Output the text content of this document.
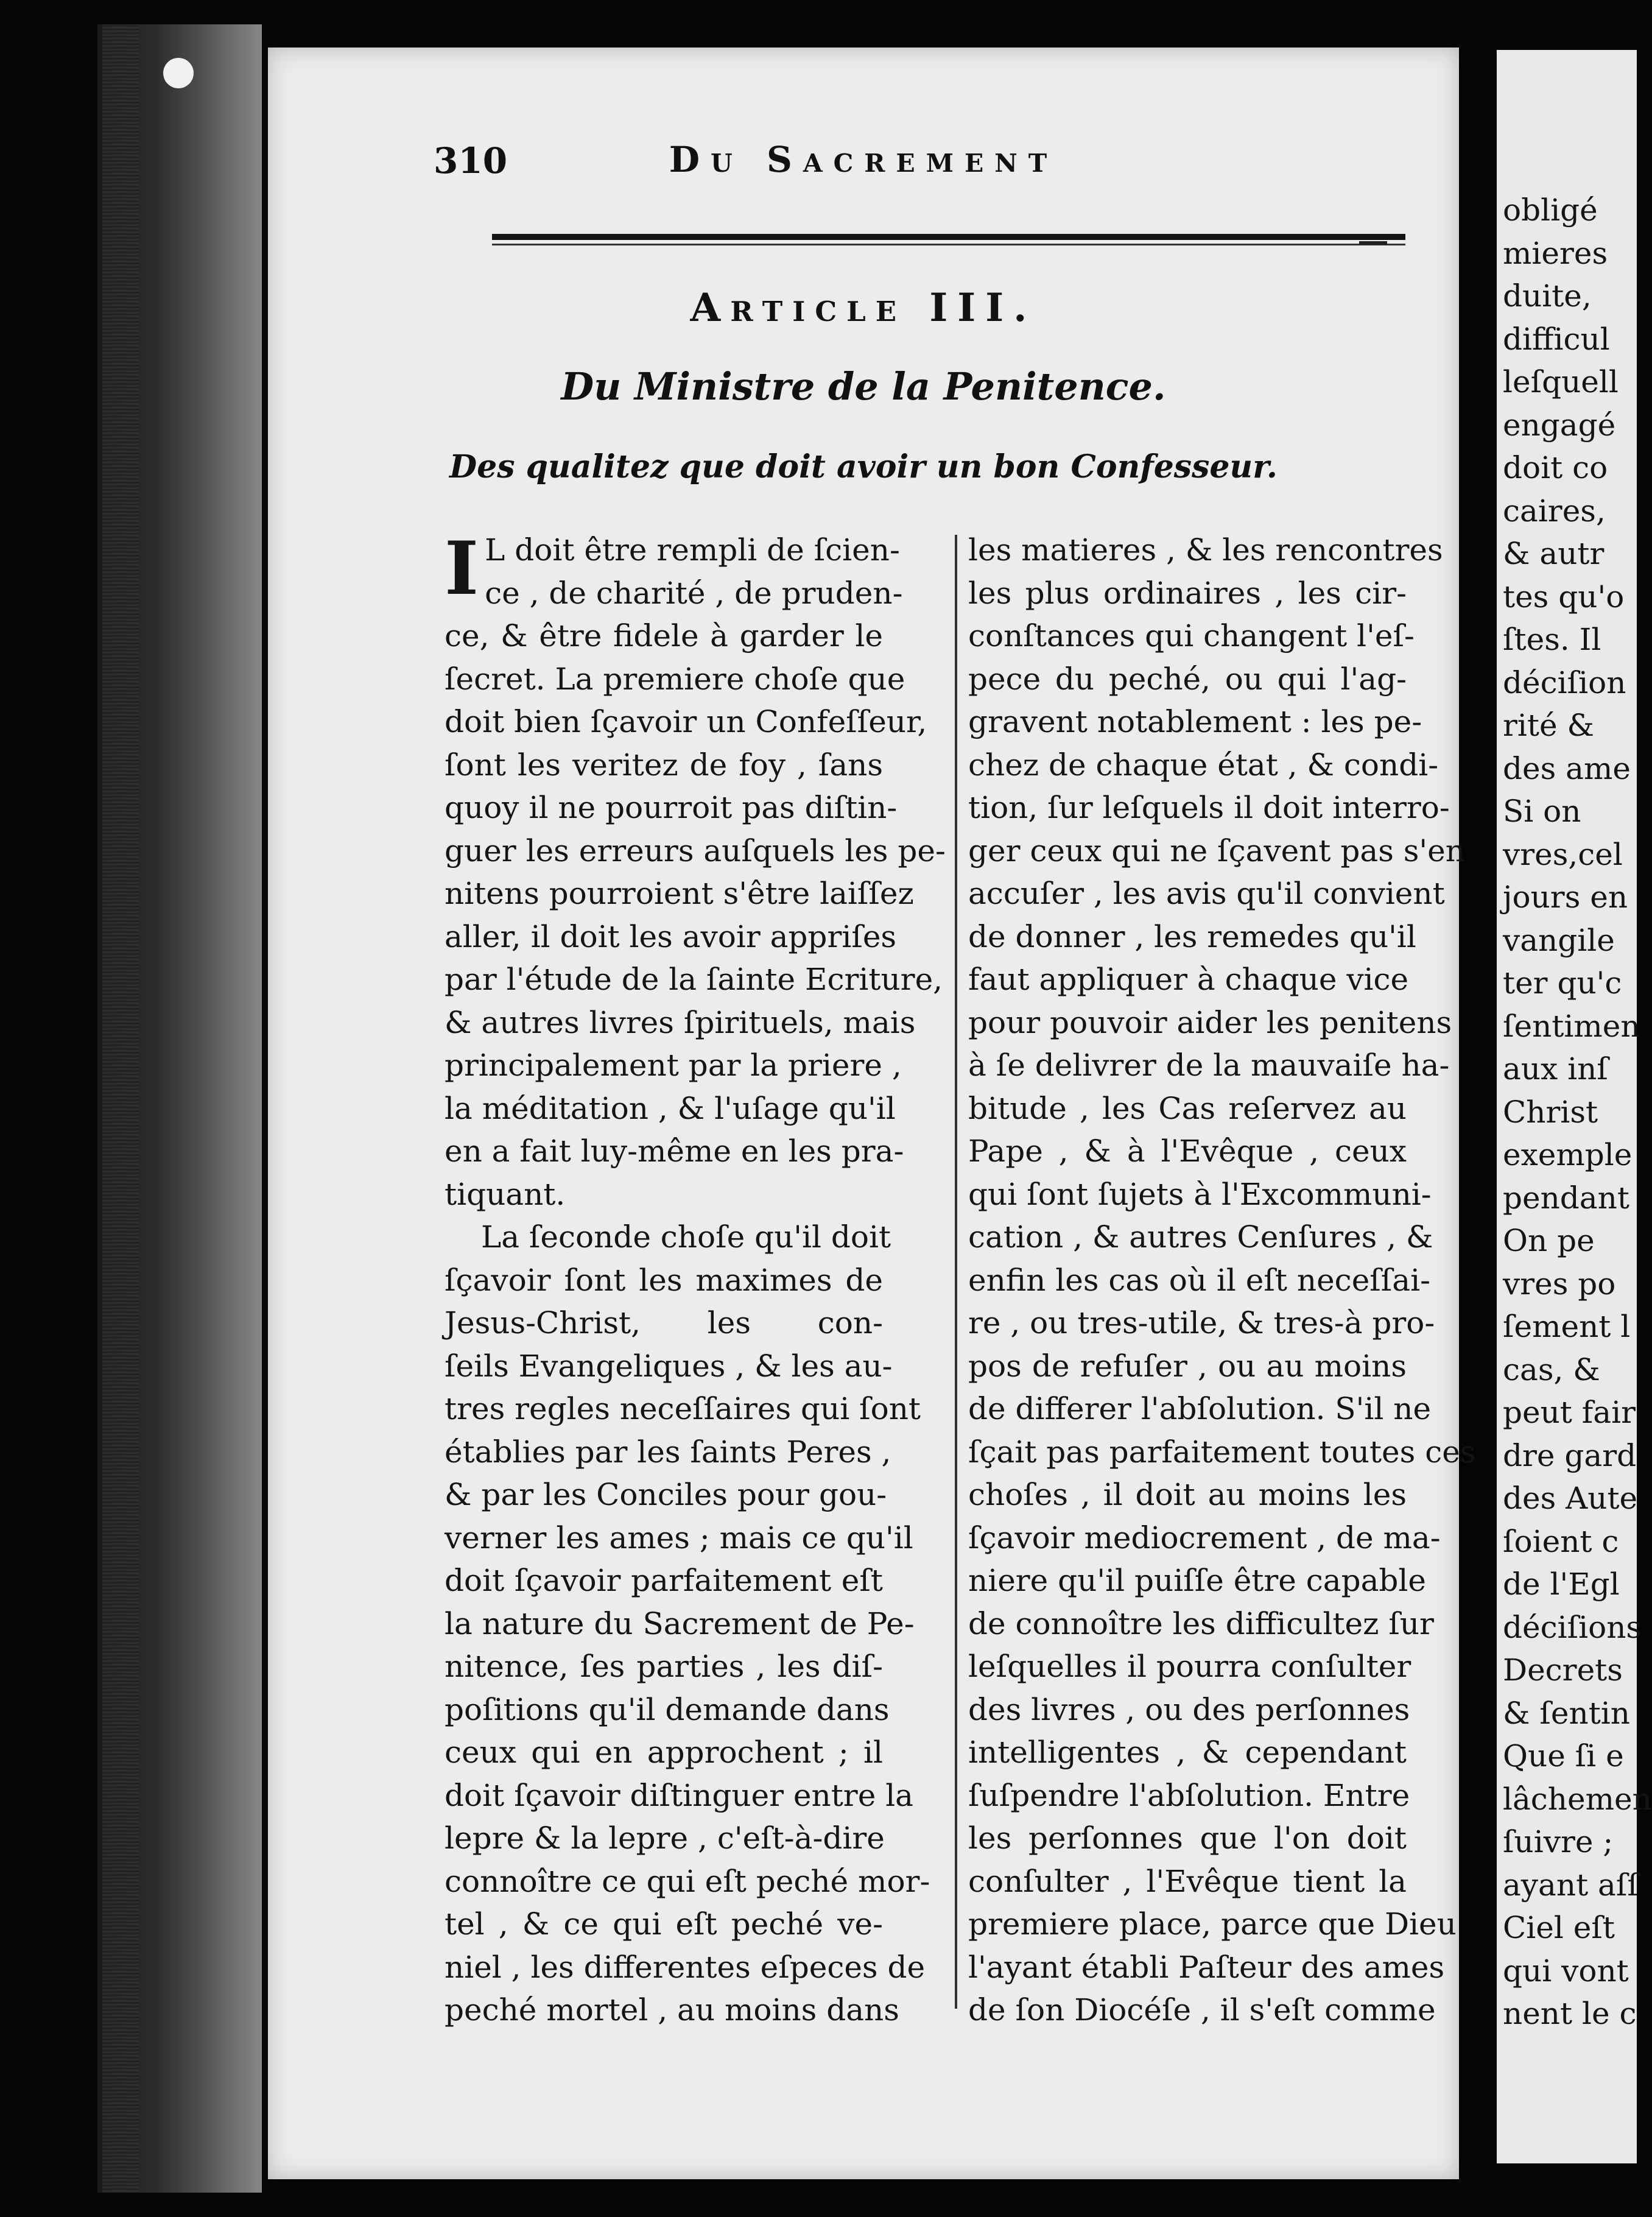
310	Du Sacrement
Article III.
Du Ministre de la Penitence.
Des qualitez que doit avoir un bon Confesseur.
I L doit être rempli de ſcien-
ce , de charité , de pruden-
ce, & être fidele à garder le
ſecret. La premiere choſe que
doit bien ſçavoir un Confeſſeur,
ſont les veritez de foy , ſans
quoy il ne pourroit pas diſtin-
guer les erreurs auſquels les pe-
nitens pourroient s'être laiſſez
aller, il doit les avoir appriſes
par l'étude de la ſainte Ecriture,
& autres livres ſpirituels, mais
principalement par la priere ,
la méditation , & l'uſage qu'il
en a fait luy-même en les pra-
tiquant.
La ſeconde choſe qu'il doit
ſçavoir ſont les maximes de
Jesus-Christ, les con-
ſeils Evangeliques , & les au-
tres regles neceſſaires qui ſont
établies par les ſaints Peres ,
& par les Conciles pour gou-
verner les ames ; mais ce qu'il
doit ſçavoir parfaitement eſt
la nature du Sacrement de Pe-
nitence, ſes parties , les diſ-
poſitions qu'il demande dans
ceux qui en approchent ; il
doit ſçavoir diſtinguer entre la
lepre & la lepre , c'eſt-à-dire
connoître ce qui eſt peché mor-
tel , & ce qui eſt peché ve-
niel , les differentes eſpeces de
peché mortel , au moins dans
les matieres , & les rencontres
les plus ordinaires , les cir-
conſtances qui changent l'eſ-
pece du peché, ou qui l'ag-
gravent notablement : les pe-
chez de chaque état , & condi-
tion, ſur leſquels il doit interro-
ger ceux qui ne ſçavent pas s'en
accuſer , les avis qu'il convient
de donner , les remedes qu'il
faut appliquer à chaque vice
pour pouvoir aider les penitens
à ſe delivrer de la mauvaiſe ha-
bitude , les Cas reſervez au
Pape , & à l'Evêque , ceux
qui ſont ſujets à l'Excommuni-
cation , & autres Cenſures , &
enfin les cas où il eſt neceſſai-
re , ou tres-utile, & tres-à pro-
pos de refuſer , ou au moins
de differer l'abſolution. S'il ne
ſçait pas parfaitement toutes ces
choſes , il doit au moins les
ſçavoir mediocrement , de ma-
niere qu'il puiſſe être capable
de connoître les difficultez ſur
leſquelles il pourra conſulter
des livres , ou des perſonnes
intelligentes , & cependant
ſuſpendre l'abſolution. Entre
les perſonnes que l'on doit
conſulter , l'Evêque tient la
premiere place, parce que Dieu
l'ayant établi Paſteur des ames
de ſon Diocéſe , il s'eſt comme
obligé
mieres
duite,
difficul
leſquell
engagé
doit co
caires,
& autr
tes qu'o
ſtes. Il
déciſion
rité &
des ame
Si on
vres,cel
jours en
vangile
ter qu'c
ſentimen
aux inſ
Christ
exemple
pendant
On pe
vres po
ſement l
cas, &
peut fair
dre gard
des Aute
ſoient c
de l'Egl
déciſions
Decrets
& ſentin
Que ſi e
lâchemen
ſuivre ;
ayant aſſ
Ciel eſt
qui vont
nent le c
